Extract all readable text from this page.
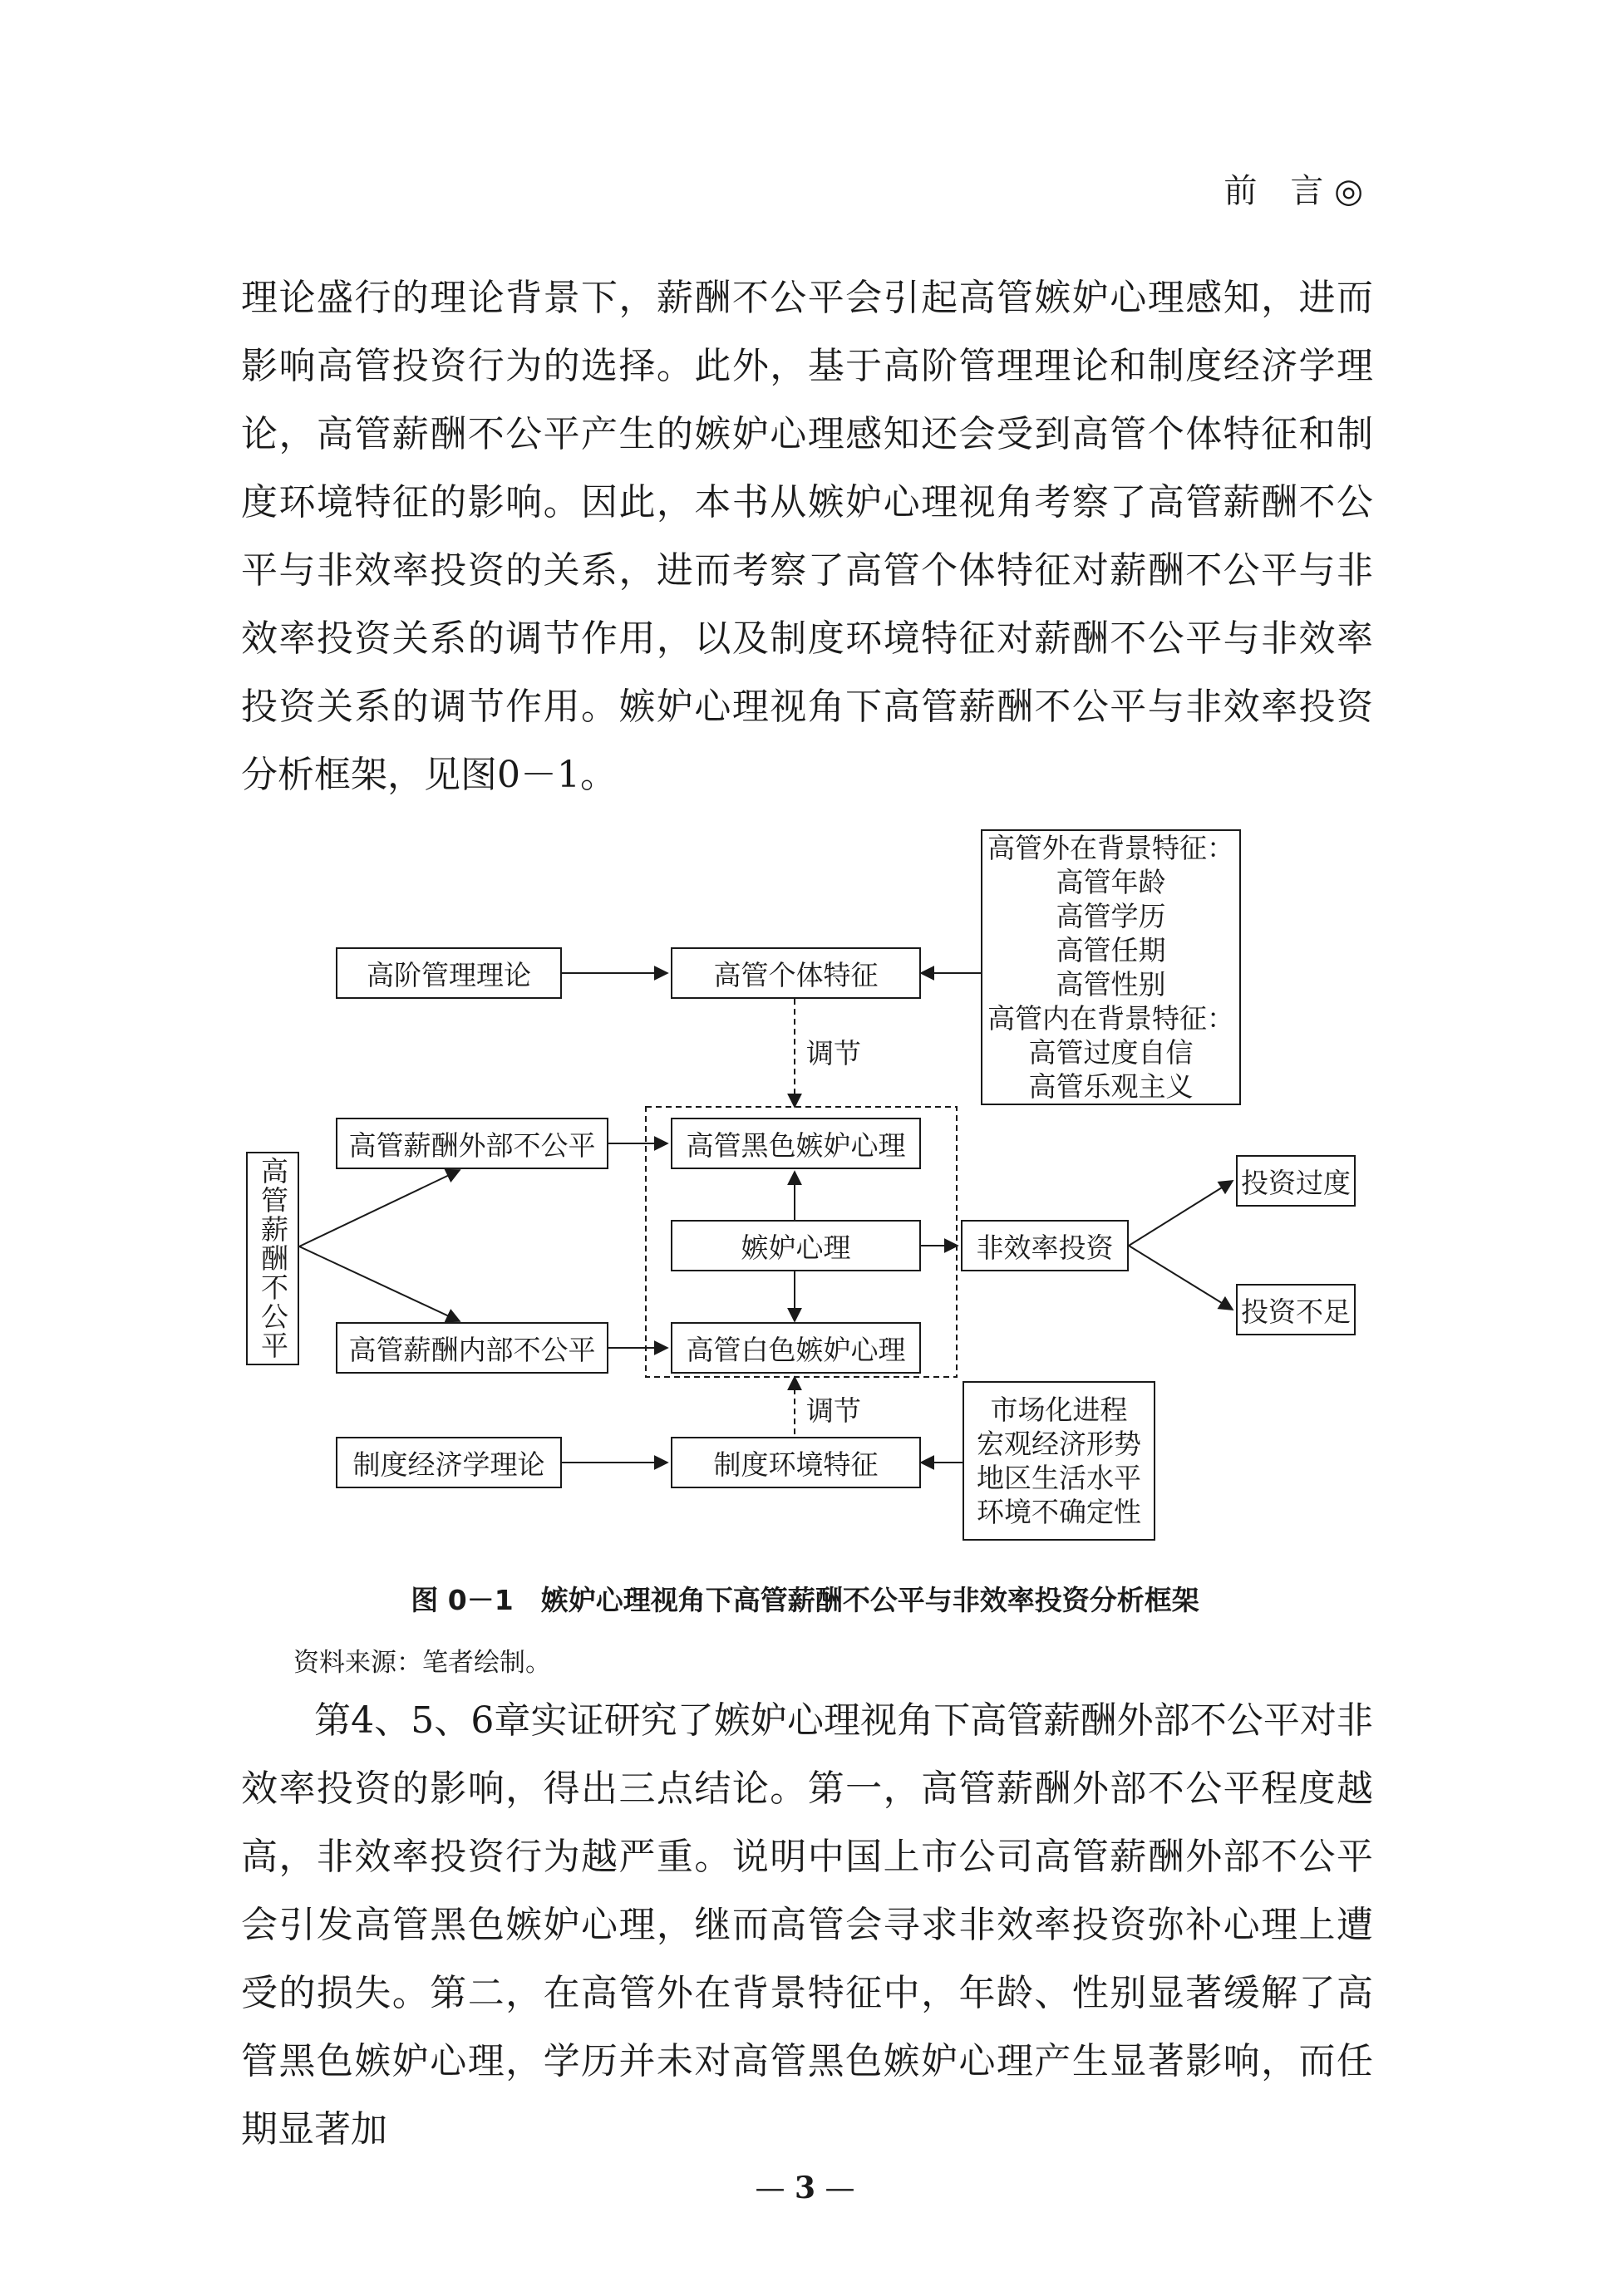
前　言 ◎

理论盛行的理论背景下，薪酬不公平会引起高管嫉妒心理感知，进而影响高管投资行为的选择。此外，基于高阶管理理论和制度经济学理论，高管薪酬不公平产生的嫉妒心理感知还会受到高管个体特征和制度环境特征的影响。因此，本书从嫉妒心理视角考察了高管薪酬不公平与非效率投资的关系，进而考察了高管个体特征对薪酬不公平与非效率投资关系的调节作用，以及制度环境特征对薪酬不公平与非效率投资关系的调节作用。嫉妒心理视角下高管薪酬不公平与非效率投资分析框架，见图0－1。

高管薪酬不公平
高阶管理理论	高管个体特征
高管外在背景特征：
高管年龄
高管学历
高管任期
高管性别
高管内在背景特征：
高管过度自信
高管乐观主义
调节
高管薪酬外部不公平	高管黑色嫉妒心理
嫉妒心理	非效率投资
投资过度
投资不足
高管薪酬内部不公平	高管白色嫉妒心理
调节
制度经济学理论	制度环境特征
市场化进程
宏观经济形势
地区生活水平
环境不确定性
图 0－1　嫉妒心理视角下高管薪酬不公平与非效率投资分析框架
资料来源：笔者绘制。

第4、5、6章实证研究了嫉妒心理视角下高管薪酬外部不公平对非效率投资的影响，得出三点结论。第一，高管薪酬外部不公平程度越高，非效率投资行为越严重。说明中国上市公司高管薪酬外部不公平会引发高管黑色嫉妒心理，继而高管会寻求非效率投资弥补心理上遭受的损失。第二，在高管外在背景特征中，年龄、性别显著缓解了高管黑色嫉妒心理，学历并未对高管黑色嫉妒心理产生显著影响，而任期显著加

— 3 —
